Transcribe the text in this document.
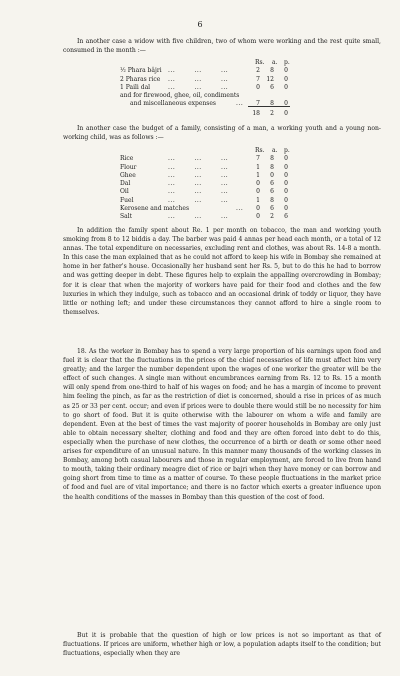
6

In another case a widow with five children, two of whom were working and the rest quite small, consumed in the month :—

Rs. a. p.
½ Phara bâjri ...        ...        ...	2	8	0
2 Pharas rice ...        ...        ...	7	12	0
1 Paili dal	...        ...        ...	0	6	0
and for firewood, ghee, oil, condiments
and miscellaneous expenses	...	7	8	0
18	2	0

In another case the budget of a family, consisting of a man, a working youth and a young non-working child, was as follows :—

Rs. a. p.
Rice	...        ...        ...	7	8	0
Flour	...        ...        ...	1	8	0
Ghee	...        ...        ...	1	0	0
Dal	...        ...        ...	0	6	0
Oil	...        ...        ...	0	6	0
Fuel	...        ...        ...	1	8	0
Kerosene and matches	...	0	6	0
Salt	...        ...        ...	0	2	6

In addition the family spent about Re. 1 per month on tobacco, the man and working youth smoking from 8 to 12 biddis a day. The barber was paid 4 annas per head each month, or a total of 12 annas. The total expenditure on necessaries, excluding rent and clothes, was about Rs. 14-8 a month. In this case the man explained that as he could not afford to keep his wife in Bombay she remained at home in her father's house. Occasionally her husband sent her Rs. 5, but to do this he had to borrow and was getting deeper in debt. These figures help to explain the appalling overcrowding in Bombay; for it is clear that when the majority of workers have paid for their food and clothes and the few luxuries in which they indulge, such as tobacco and an occasional drink of toddy or liquor, they have little or nothing left; and under these circumstances they cannot afford to hire a single room to themselves.

18. As the worker in Bombay has to spend a very large proportion of his earnings upon food and fuel it is clear that the fluctuations in the prices of the chief necessaries of life must affect him very greatly; and the larger the number dependent upon the wages of one worker the greater will be the effect of such changes. A single man without encumbrances earning from Rs. 12 to Rs. 15 a month will only spend from one-third to half of his wages on food; and he has a margin of income to prevent him feeling the pinch, as far as the restriction of diet is concerned, should a rise in prices of as much as 25 or 33 per cent. occur; and even if prices were to double there would still be no necessity for him to go short of food. But it is quite otherwise with the labourer on whom a wife and family are dependent. Even at the best of times the vast majority of poorer households in Bombay are only just able to obtain necessary shelter, clothing and food and they are often forced into debt to do this, especially when the purchase of new clothes, the occurrence of a birth or death or some other need arises for expenditure of an unusual nature. In this manner many thousands of the working classes in Bombay, among both casual labourers and those in regular employment, are forced to live from hand to mouth, taking their ordinary meagre diet of rice or bajri when they have money or can borrow and going short from time to time as a matter of course. To these people fluctuations in the market price of food and fuel are of vital importance; and there is no factor which exerts a greater influence upon the health conditions of the masses in Bombay than this question of the cost of food.

But it is probable that the question of high or low prices is not so important as that of fluctuations. If prices are uniform, whether high or low, a population adapts itself to the condition; but fluctuations, especially when they are
